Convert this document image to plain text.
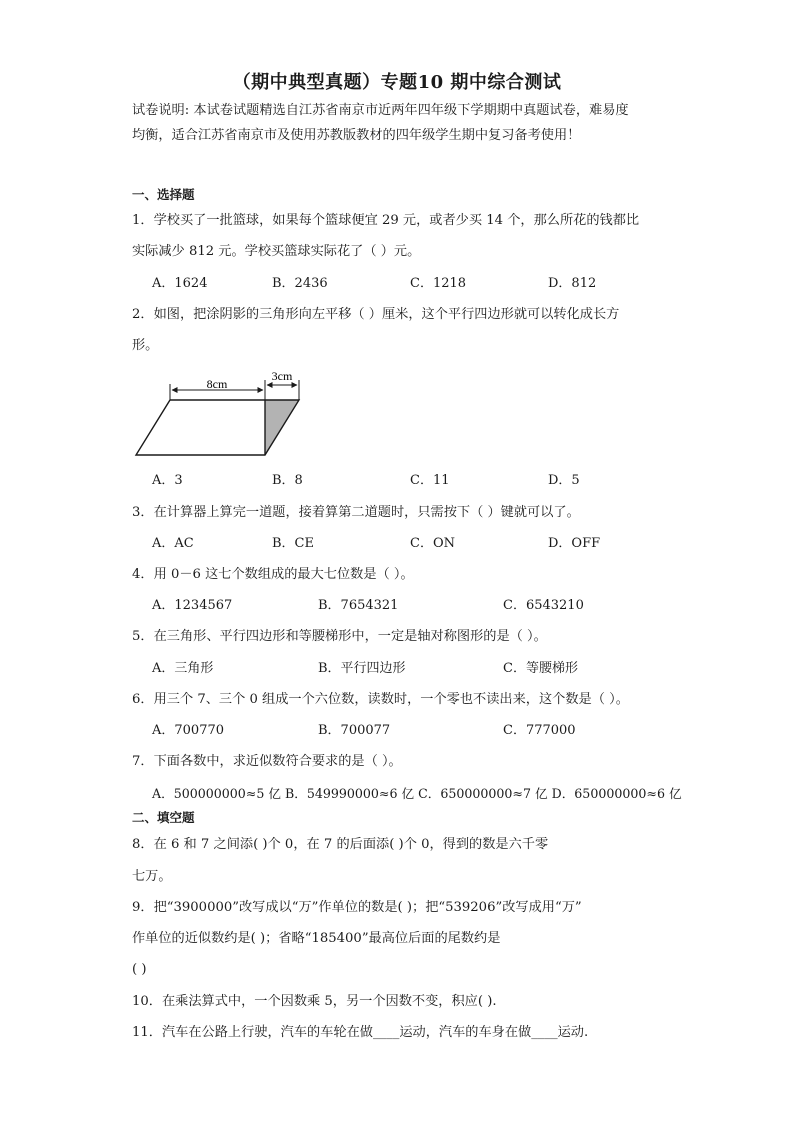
（期中典型真题）专题10 期中综合测试
试卷说明: 本试卷试题精选自江苏省南京市近两年四年级下学期期中真题试卷，难易度
均衡，适合江苏省南京市及使用苏教版教材的四年级学生期中复习备考使用！
一、选择题
1．学校买了一批篮球，如果每个篮球便宜 29 元，或者少买 14 个，那么所花的钱都比
实际减少 812 元。学校买篮球实际花了（ ）元。
A．1624	B．2436	C．1218	D．812
2．如图，把涂阴影的三角形向左平移（ ）厘米，这个平行四边形就可以转化成长方
形。
8cm
3cm
A．3	B．8	C．11	D．5
3．在计算器上算完一道题，接着算第二道题时，只需按下（ ）键就可以了。
A．AC	B．CE	C．ON	D．OFF
4．用 0－6 这七个数组成的最大七位数是（ ）。
A．1234567	B．7654321	C．6543210
5．在三角形、平行四边形和等腰梯形中，一定是轴对称图形的是（ ）。
A．三角形	B．平行四边形	C．等腰梯形
6．用三个 7、三个 0 组成一个六位数，读数时，一个零也不读出来，这个数是（ ）。
A．700770	B．700077	C．777000
7．下面各数中，求近似数符合要求的是（ ）。
A．500000000≈5 亿 B．549990000≈6 亿 C．650000000≈7 亿 D．650000000≈6 亿
二、填空题
8．在 6 和 7 之间添( )个 0，在 7 的后面添( )个 0，得到的数是六千零
七万。
9．把“3900000”改写成以“万”作单位的数是( )；把“539206”改写成用“万”
作单位的近似数约是( )；省略“185400”最高位后面的尾数约是
( )
10．在乘法算式中，一个因数乘 5，另一个因数不变，积应( ).
11．汽车在公路上行驶，汽车的车轮在做____运动，汽车的车身在做____运动.
